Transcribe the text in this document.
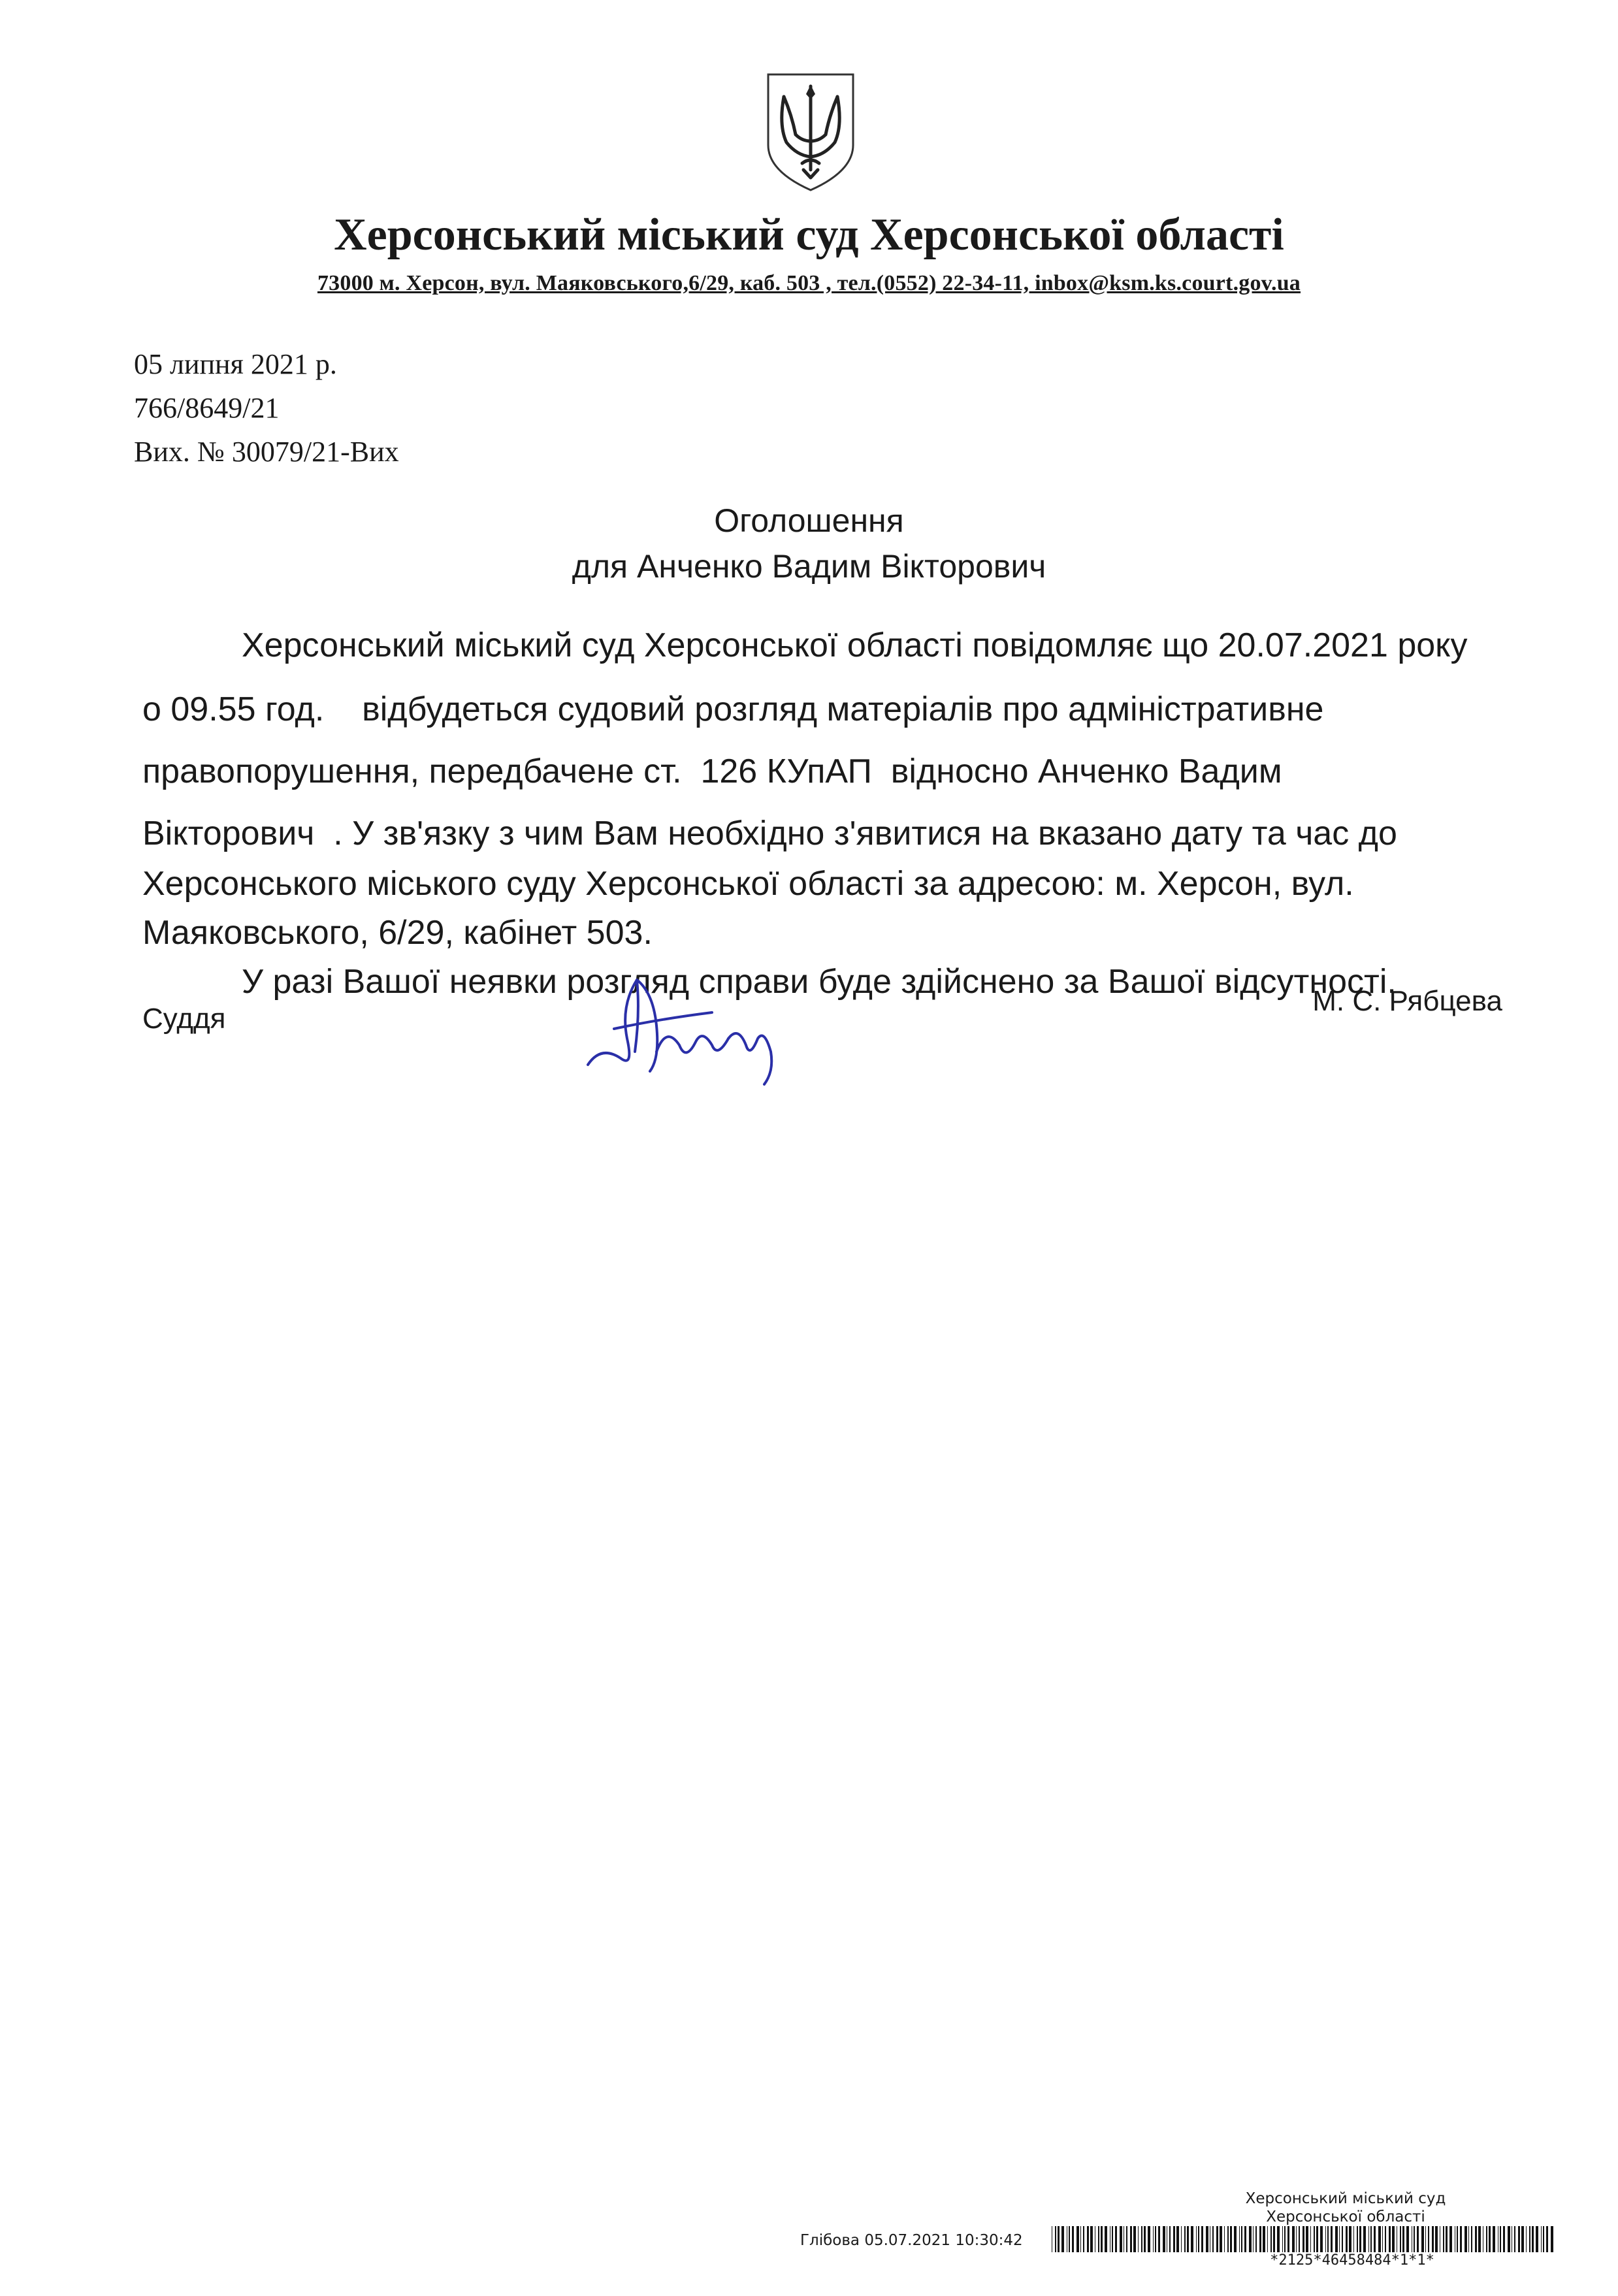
Херсонський міський суд Херсонської області
73000 м. Херсон, вул. Маяковського,6/29, каб. 503 , тел.(0552) 22-34-11, inbox@ksm.ks.court.gov.ua
05 липня 2021 р.
766/8649/21
Вих. № 30079/21-Вих
Оголошення
для Анченко Вадим Вікторович
Херсонський міський суд Херсонської області повідомляє що 20.07.2021 року
о 09.55 год.    відбудеться судовий розгляд матеріалів про адміністративне
правопорушення, передбачене ст.  126 КУпАП  відносно Анченко Вадим
Вікторович  . У зв'язку з чим Вам необхідно з'явитися на вказано дату та час до
Херсонського міського суду Херсонської області за адресою: м. Херсон, вул.
Маяковського, 6/29, кабінет 503.
У разі Вашої неявки розгляд справи буде здійснено за Вашої відсутності.
Суддя
М. С. Рябцева
Херсонський міський суд
Херсонської області
Глібова 05.07.2021 10:30:42
*2125*46458484*1*1*
